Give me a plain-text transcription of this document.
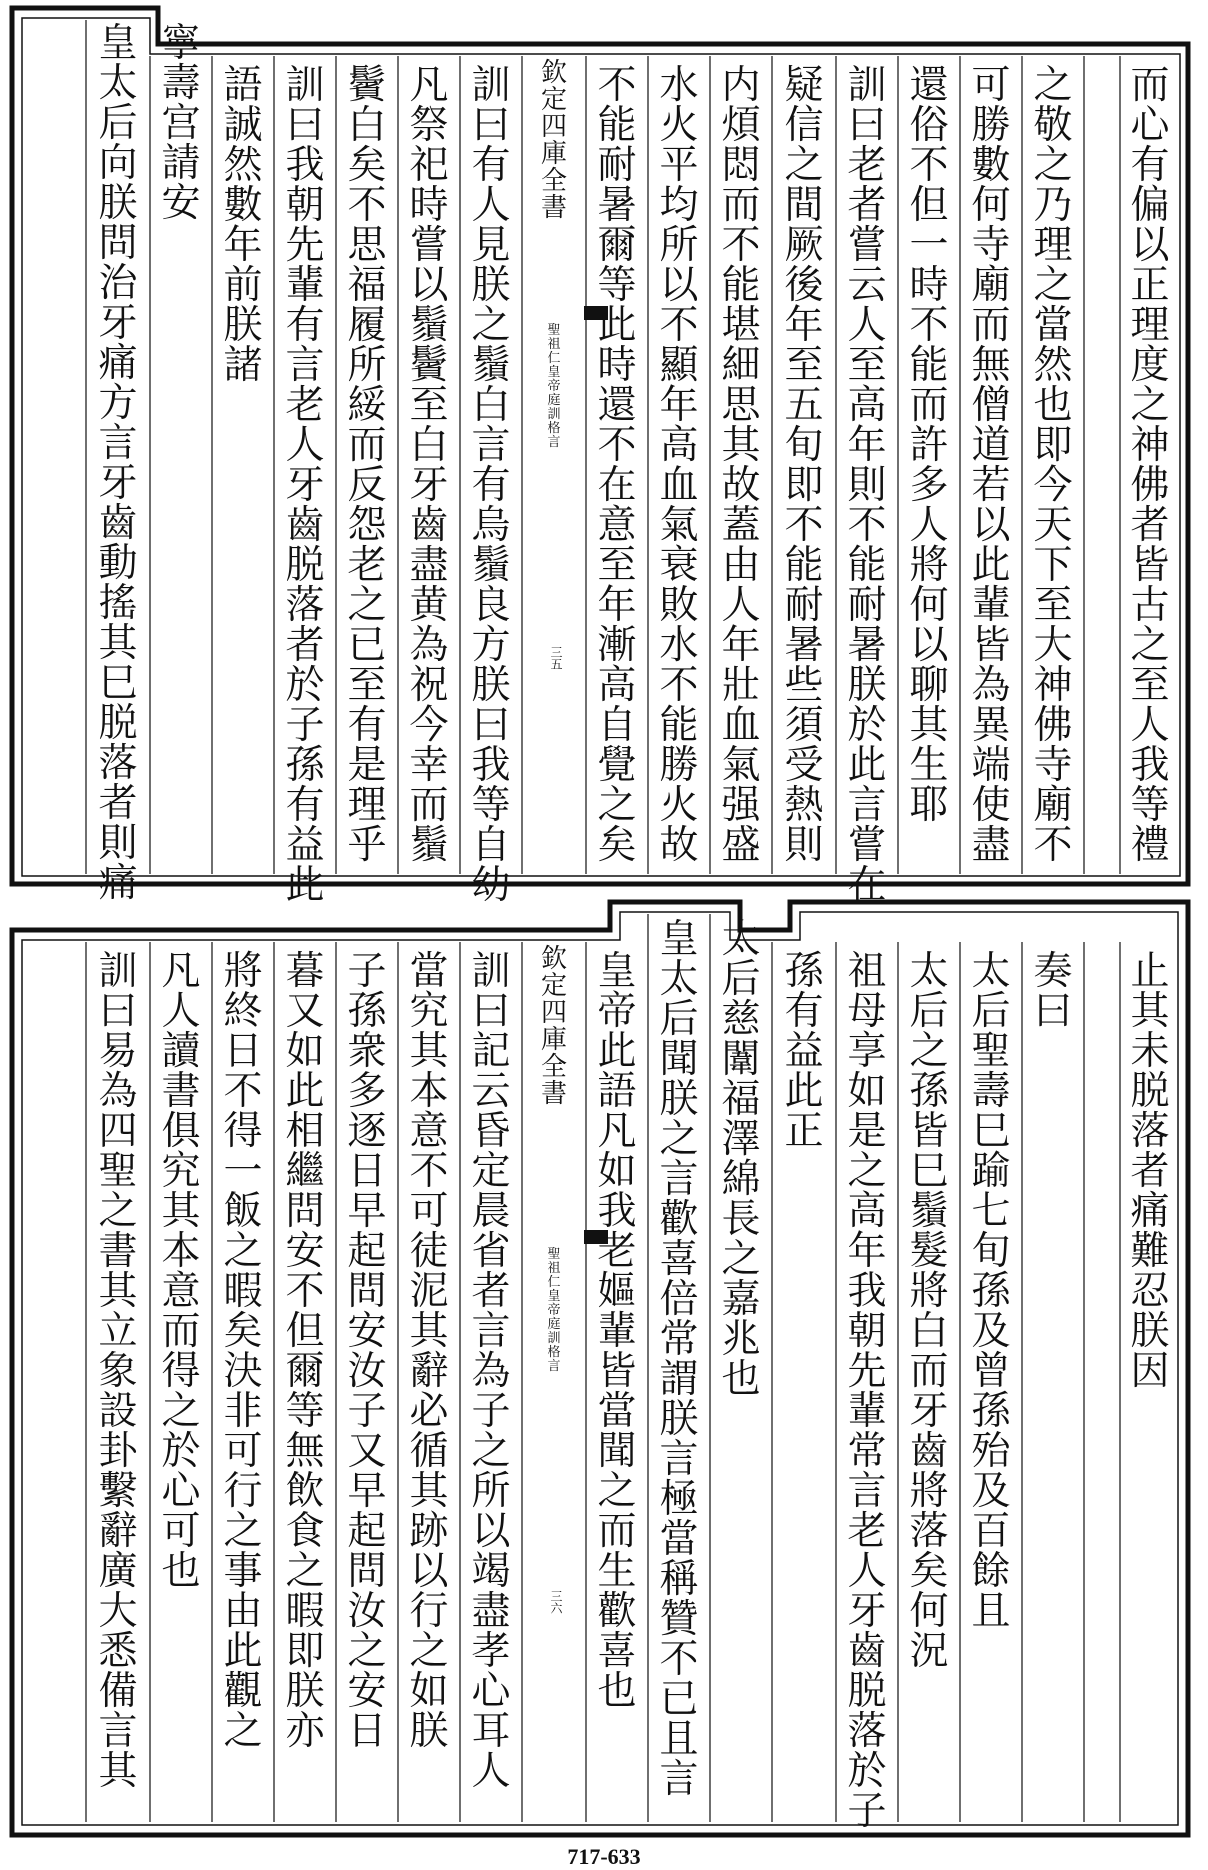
而
心
有
偏
以
正
理
度
之
神
佛
者
皆
古
之
至
人
我
等
禮
之
敬
之
乃
理
之
當
然
也
即
今
天
下
至
大
神
佛
寺
廟
不
可
勝
數
何
寺
廟
而
無
僧
道
若
以
此
輩
皆
為
異
端
使
盡
還
俗
不
但
一
時
不
能
而
許
多
人
將
何
以
聊
其
生
耶
訓
曰
老
者
嘗
云
人
至
高
年
則
不
能
耐
暑
朕
於
此
言
嘗
在
疑
信
之
間
厥
後
年
至
五
旬
即
不
能
耐
暑
些
須
受
熱
則
内
煩
悶
而
不
能
堪
細
思
其
故
蓋
由
人
年
壯
血
氣
强
盛
水
火
平
均
所
以
不
顯
年
高
血
氣
衰
敗
水
不
能
勝
火
故
不
能
耐
暑
爾
等
此
時
還
不
在
意
至
年
漸
高
自
覺
之
矣
訓
曰
有
人
見
朕
之
鬚
白
言
有
烏
鬚
良
方
朕
曰
我
等
自
幼
凡
祭
祀
時
嘗
以
鬚
鬢
至
白
牙
齒
盡
黄
為
祝
今
幸
而
鬚
鬢
白
矣
不
思
福
履
所
綏
而
反
怨
老
之
已
至
有
是
理
乎
訓
曰
我
朝
先
輩
有
言
老
人
牙
齒
脱
落
者
於
子
孫
有
益
此
語
誠
然
數
年
前
朕
諸
寧
壽
宫
請
安
皇
太
后
向
朕
問
治
牙
痛
方
言
牙
齒
動
搖
其
巳
脱
落
者
則
痛
欽
定
四
庫
全
書
聖
祖
仁
皇
帝
庭
訓
格
言
三五
止
其
未
脱
落
者
痛
難
忍
朕
因
奏
曰
太
后
聖
壽
巳
踰
七
旬
孫
及
曾
孫
殆
及
百
餘
且
太
后
之
孫
皆
巳
鬚
髮
將
白
而
牙
齒
將
落
矣
何
況
祖
母
享
如
是
之
高
年
我
朝
先
輩
常
言
老
人
牙
齒
脱
落
於
子
孫
有
益
此
正
太
后
慈
闈
福
澤
綿
長
之
嘉
兆
也
皇
太
后
聞
朕
之
言
歡
喜
倍
常
謂
朕
言
極
當
稱
贊
不
已
且
言
皇
帝
此
語
凡
如
我
老
嫗
輩
皆
當
聞
之
而
生
歡
喜
也
訓
曰
記
云
昏
定
晨
省
者
言
為
子
之
所
以
竭
盡
孝
心
耳
人
當
究
其
本
意
不
可
徒
泥
其
辭
必
循
其
跡
以
行
之
如
朕
子
孫
衆
多
逐
日
早
起
問
安
汝
子
又
早
起
問
汝
之
安
日
暮
又
如
此
相
繼
問
安
不
但
爾
等
無
飲
食
之
暇
即
朕
亦
將
終
日
不
得
一
飯
之
暇
矣
決
非
可
行
之
事
由
此
觀
之
凡
人
讀
書
俱
究
其
本
意
而
得
之
於
心
可
也
訓
曰
易
為
四
聖
之
書
其
立
象
設
卦
繫
辭
廣
大
悉
備
言
其
欽
定
四
庫
全
書
聖
祖
仁
皇
帝
庭
訓
格
言
三六
717-633
